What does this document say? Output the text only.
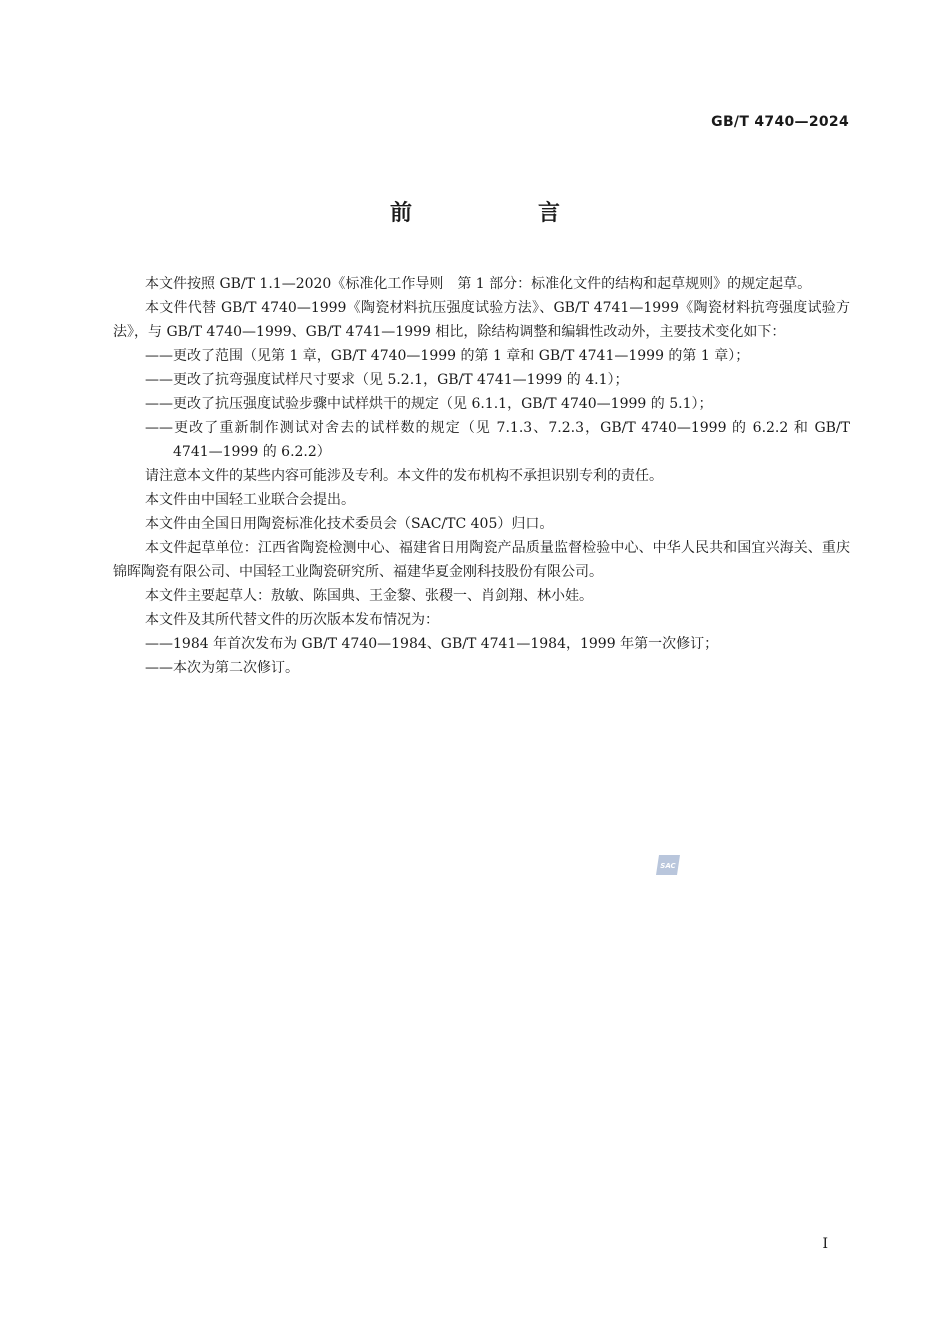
GB/T 4740—2024
前　言

本文件按照 GB/T 1.1—2020《标准化工作导则　第 1 部分：标准化文件的结构和起草规则》的规定起草。

本文件代替 GB/T 4740—1999《陶瓷材料抗压强度试验方法》、GB/T 4741—1999《陶瓷材料抗弯强度试验方法》，与 GB/T 4740—1999、GB/T 4741—1999 相比，除结构调整和编辑性改动外，主要技术变化如下：

——更改了范围（见第 1 章，GB/T 4740—1999 的第 1 章和 GB/T 4741—1999 的第 1 章）；

——更改了抗弯强度试样尺寸要求（见 5.2.1，GB/T 4741—1999 的 4.1）；

——更改了抗压强度试验步骤中试样烘干的规定（见 6.1.1，GB/T 4740—1999 的 5.1）；

——更改了重新制作测试对舍去的试样数的规定（见 7.1.3、7.2.3，GB/T 4740—1999 的 6.2.2 和 GB/T 4741—1999 的 6.2.2）

请注意本文件的某些内容可能涉及专利。本文件的发布机构不承担识别专利的责任。

本文件由中国轻工业联合会提出。

本文件由全国日用陶瓷标准化技术委员会（SAC/TC 405）归口。

本文件起草单位：江西省陶瓷检测中心、福建省日用陶瓷产品质量监督检验中心、中华人民共和国宜兴海关、重庆锦晖陶瓷有限公司、中国轻工业陶瓷研究所、福建华夏金刚科技股份有限公司。

本文件主要起草人：敖敏、陈国典、王金黎、张稷一、肖剑翔、林小娃。

本文件及其所代替文件的历次版本发布情况为：

——1984 年首次发布为 GB/T 4740—1984、GB/T 4741—1984，1999 年第一次修订；

——本次为第二次修订。

SAC
I
